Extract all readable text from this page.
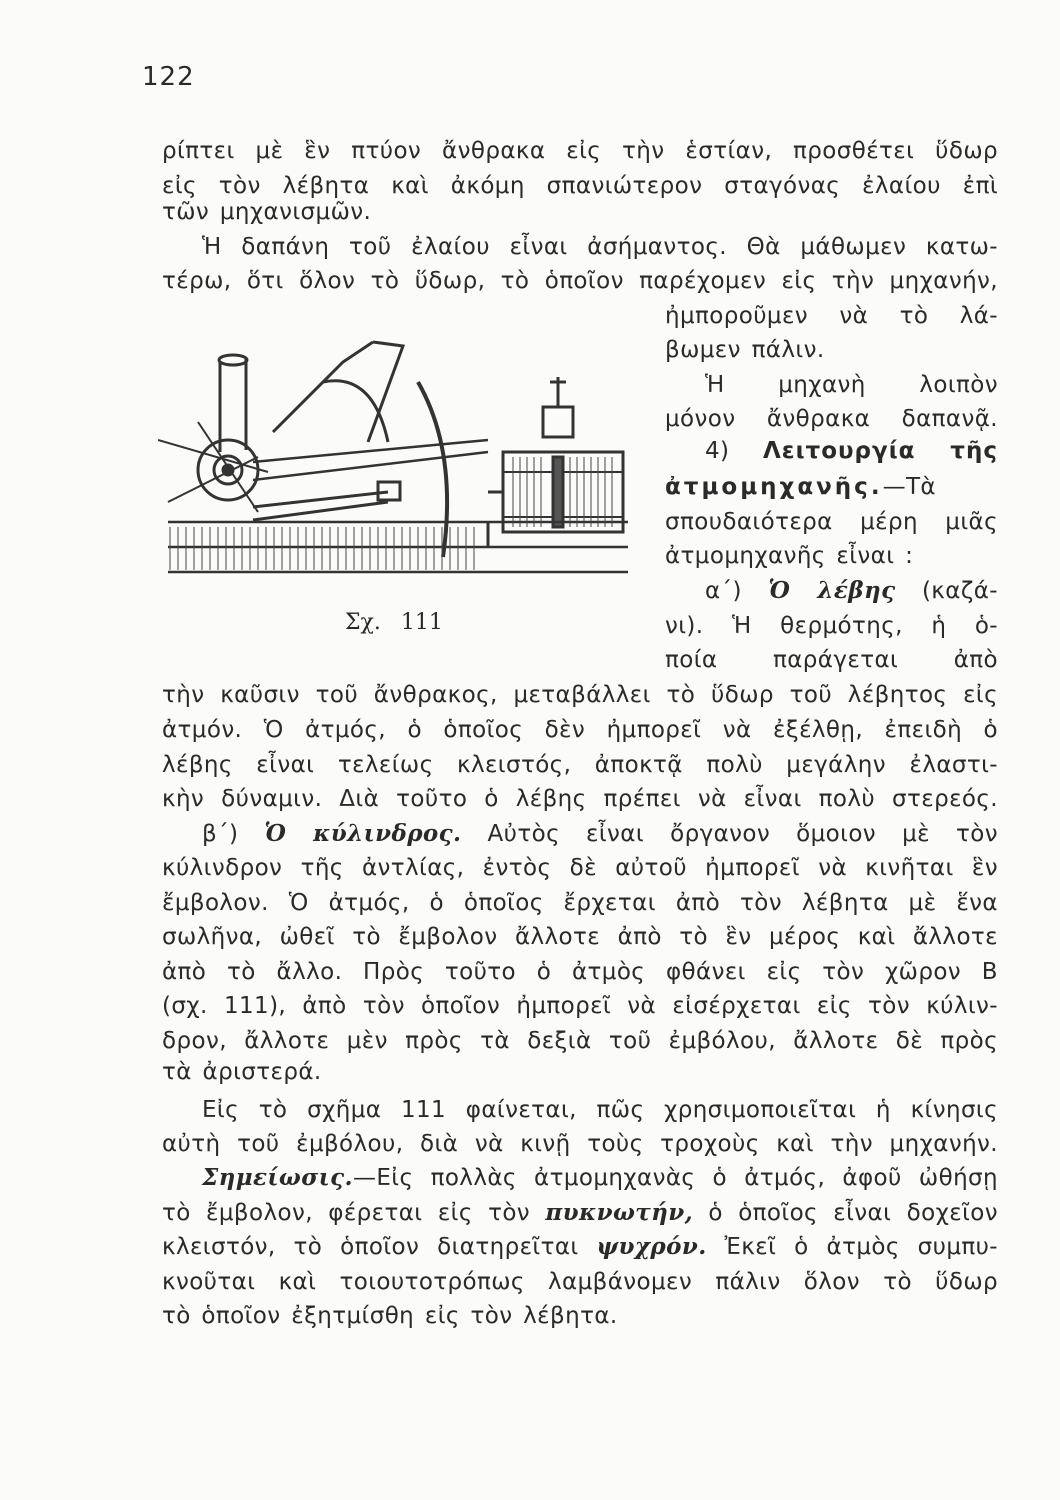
122
ρίπτει μὲ ἓν πτύον ἄνθρακα εἰς τὴν ἑστίαν, προσθέτει ὕδωρ
εἰς τὸν λέβητα καὶ ἀκόμη σπανιώτερον σταγόνας ἐλαίου ἐπὶ
τῶν μηχανισμῶν.
Ἡ δαπάνη τοῦ ἐλαίου εἶναι ἀσήμαντος. Θὰ μάθωμεν κατω-
τέρω, ὅτι ὅλον τὸ ὕδωρ, τὸ ὁποῖον παρέχομεν εἰς τὴν μηχανήν,
ἠμποροῦμεν νὰ τὸ λά-
βωμεν πάλιν.
Ἡ μηχανὴ λοιπὸν
μόνον ἄνθρακα δαπανᾷ.
4) Λειτουργία τῆς
ἀτμομηχανῆς.—Τὰ
σπουδαιότερα μέρη μιᾶς
ἀτμομηχανῆς εἶναι :
α΄) Ὁ λέβης (καζά-
νι). Ἡ θερμότης, ἡ ὁ-
ποία παράγεται ἀπὸ
Σχ. 111
τὴν καῦσιν τοῦ ἄνθρακος, μεταβάλλει τὸ ὕδωρ τοῦ λέβητος εἰς
ἀτμόν. Ὁ ἀτμός, ὁ ὁποῖος δὲν ἠμπορεῖ νὰ ἐξέλθῃ, ἐπειδὴ ὁ
λέβης εἶναι τελείως κλειστός, ἀποκτᾷ πολὺ μεγάλην ἐλαστι-
κὴν δύναμιν. Διὰ τοῦτο ὁ λέβης πρέπει νὰ εἶναι πολὺ στερεός.
β΄) Ὁ κύλινδρος. Αὐτὸς εἶναι ὄργανον ὅμοιον μὲ τὸν
κύλινδρον τῆς ἀντλίας, ἐντὸς δὲ αὐτοῦ ἠμπορεῖ νὰ κινῆται ἓν
ἔμβολον. Ὁ ἀτμός, ὁ ὁποῖος ἔρχεται ἀπὸ τὸν λέβητα μὲ ἕνα
σωλῆνα, ὠθεῖ τὸ ἔμβολον ἄλλοτε ἀπὸ τὸ ἓν μέρος καὶ ἄλλοτε
ἀπὸ τὸ ἄλλο. Πρὸς τοῦτο ὁ ἀτμὸς φθάνει εἰς τὸν χῶρον Β
(σχ. 111), ἀπὸ τὸν ὁποῖον ἠμπορεῖ νὰ εἰσέρχεται εἰς τὸν κύλιν-
δρον, ἄλλοτε μὲν πρὸς τὰ δεξιὰ τοῦ ἐμβόλου, ἄλλοτε δὲ πρὸς
τὰ ἀριστερά.
Εἰς τὸ σχῆμα 111 φαίνεται, πῶς χρησιμοποιεῖται ἡ κίνησις
αὐτὴ τοῦ ἐμβόλου, διὰ νὰ κινῇ τοὺς τροχοὺς καὶ τὴν μηχανήν.
Σημείωσις.—Εἰς πολλὰς ἀτμομηχανὰς ὁ ἀτμός, ἀφοῦ ὠθήσῃ
τὸ ἔμβολον, φέρεται εἰς τὸν πυκνωτήν, ὁ ὁποῖος εἶναι δοχεῖον
κλειστόν, τὸ ὁποῖον διατηρεῖται ψυχρόν. Ἐκεῖ ὁ ἀτμὸς συμπυ-
κνοῦται καὶ τοιουτοτρόπως λαμβάνομεν πάλιν ὅλον τὸ ὕδωρ
τὸ ὁποῖον ἐξητμίσθη εἰς τὸν λέβητα.
